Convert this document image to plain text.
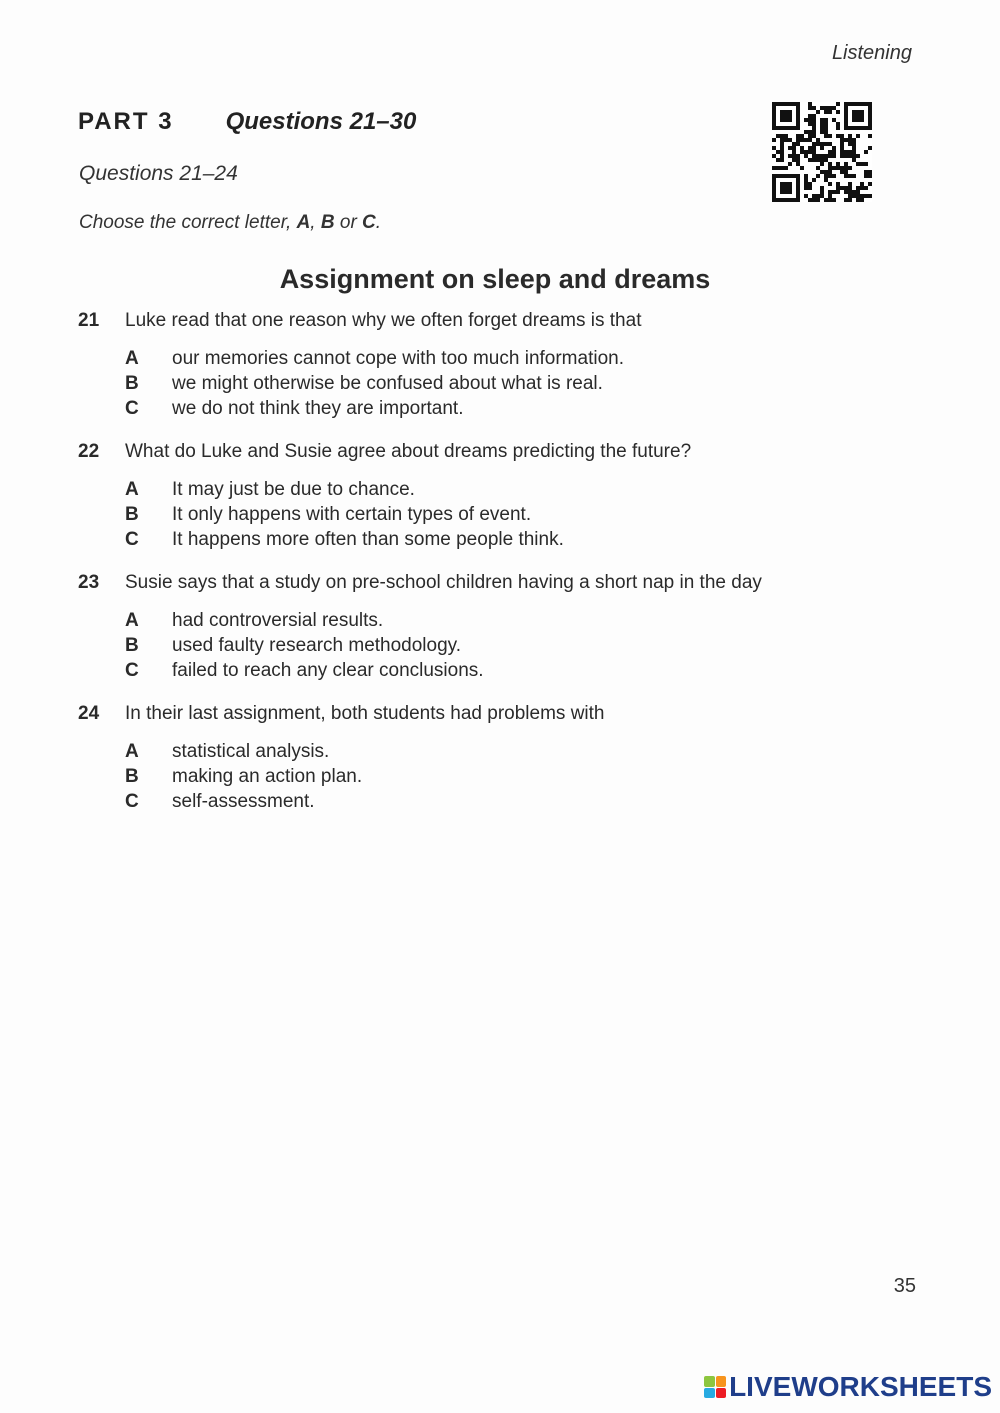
Listening
PART 3 Questions 21–30
Questions 21–24
Choose the correct letter, A, B or C.
Assignment on sleep and dreams
21	Luke read that one reason why we often forget dreams is that
A	our memories cannot cope with too much information.
B	we might otherwise be confused about what is real.
C	we do not think they are important.
22	What do Luke and Susie agree about dreams predicting the future?
A	It may just be due to chance.
B	It only happens with certain types of event.
C	It happens more often than some people think.
23	Susie says that a study on pre-school children having a short nap in the day
A	had controversial results.
B	used faulty research methodology.
C	failed to reach any clear conclusions.
24	In their last assignment, both students had problems with
A	statistical analysis.
B	making an action plan.
C	self-assessment.
35
LIVEWORKSHEETS
